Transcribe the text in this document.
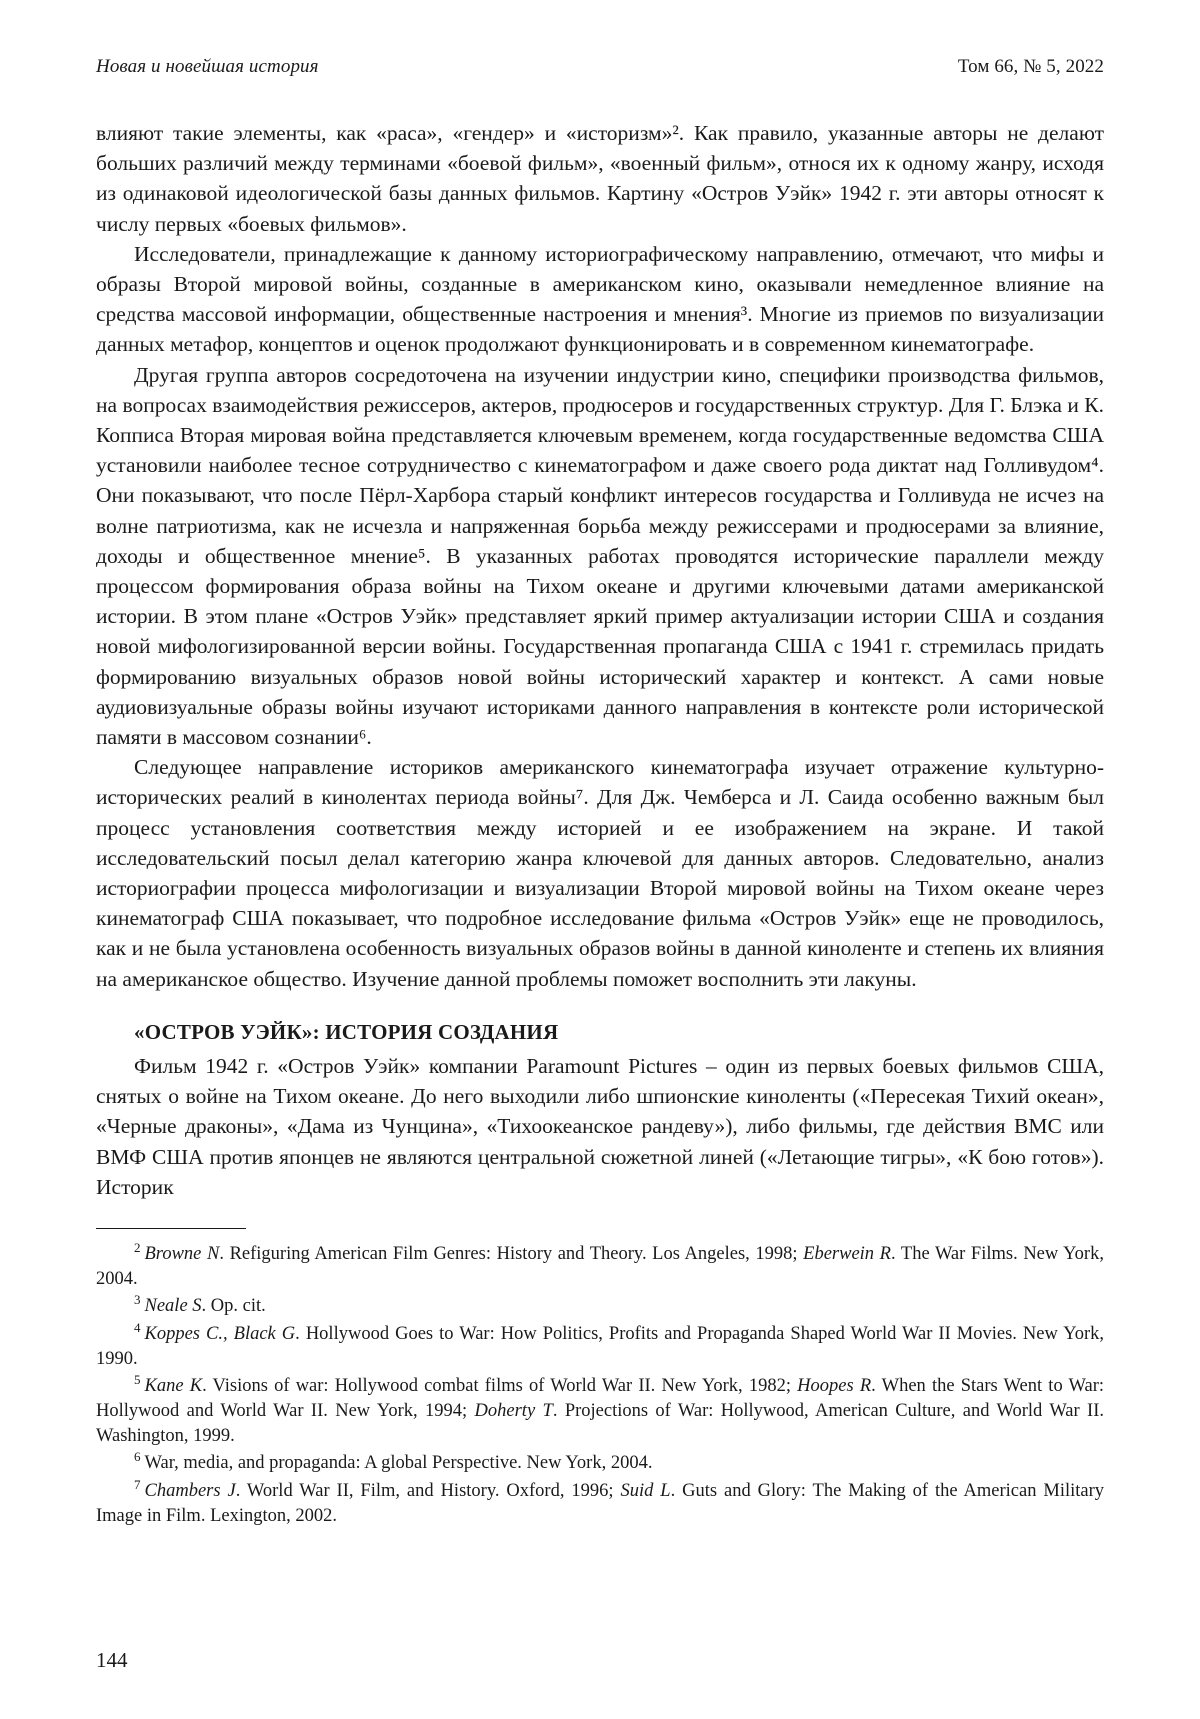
Новая и новейшая история	Том 66, № 5, 2022

влияют такие элементы, как «раса», «гендер» и «историзм»². Как правило, указанные авторы не делают больших различий между терминами «боевой фильм», «военный фильм», относя их к одному жанру, исходя из одинаковой идеологической базы данных фильмов. Картину «Остров Уэйк» 1942 г. эти авторы относят к числу первых «боевых фильмов».

Исследователи, принадлежащие к данному историографическому направлению, отмечают, что мифы и образы Второй мировой войны, созданные в американском кино, оказывали немедленное влияние на средства массовой информации, общественные настроения и мнения³. Многие из приемов по визуализации данных метафор, концептов и оценок продолжают функционировать и в современном кинематографе.

Другая группа авторов сосредоточена на изучении индустрии кино, специфики производства фильмов, на вопросах взаимодействия режиссеров, актеров, продюсеров и государственных структур. Для Г. Блэка и К. Копписа Вторая мировая война представляется ключевым временем, когда государственные ведомства США установили наиболее тесное сотрудничество с кинематографом и даже своего рода диктат над Голливудом⁴. Они показывают, что после Пёрл-Харбора старый конфликт интересов государства и Голливуда не исчез на волне патриотизма, как не исчезла и напряженная борьба между режиссерами и продюсерами за влияние, доходы и общественное мнение⁵. В указанных работах проводятся исторические параллели между процессом формирования образа войны на Тихом океане и другими ключевыми датами американской истории. В этом плане «Остров Уэйк» представляет яркий пример актуализации истории США и создания новой мифологизированной версии войны. Государственная пропаганда США с 1941 г. стремилась придать формированию визуальных образов новой войны исторический характер и контекст. А сами новые аудиовизуальные образы войны изучают историками данного направления в контексте роли исторической памяти в массовом сознании⁶.

Следующее направление историков американского кинематографа изучает отражение культурно-исторических реалий в кинолентах периода войны⁷. Для Дж. Чемберса и Л. Саида особенно важным был процесс установления соответствия между историей и ее изображением на экране. И такой исследовательский посыл делал категорию жанра ключевой для данных авторов. Следовательно, анализ историографии процесса мифологизации и визуализации Второй мировой войны на Тихом океане через кинематограф США показывает, что подробное исследование фильма «Остров Уэйк» еще не проводилось, как и не была установлена особенность визуальных образов войны в данной киноленте и степень их влияния на американское общество. Изучение данной проблемы поможет восполнить эти лакуны.

«ОСТРОВ УЭЙК»: ИСТОРИЯ СОЗДАНИЯ

Фильм 1942 г. «Остров Уэйк» компании Paramount Pictures – один из первых боевых фильмов США, снятых о войне на Тихом океане. До него выходили либо шпионские киноленты («Пересекая Тихий океан», «Черные драконы», «Дама из Чунцина», «Тихоокеанское рандеву»), либо фильмы, где действия ВМС или ВМФ США против японцев не являются центральной сюжетной линей («Летающие тигры», «К бою готов»). Историк

$^2$ Browne N. Refiguring American Film Genres: History and Theory. Los Angeles, 1998; Eberwein R. The War Films. New York, 2004.

$^3$ Neale S. Op. cit.

$^4$ Koppes C., Black G. Hollywood Goes to War: How Politics, Profits and Propaganda Shaped World War II Movies. New York, 1990.

$^5$ Kane K. Visions of war: Hollywood combat films of World War II. New York, 1982; Hoopes R. When the Stars Went to War: Hollywood and World War II. New York, 1994; Doherty T. Projections of War: Hollywood, American Culture, and World War II. Washington, 1999.

$^6$ War, media, and propaganda: A global Perspective. New York, 2004.

$^7$ Chambers J. World War II, Film, and History. Oxford, 1996; Suid L. Guts and Glory: The Making of the American Military Image in Film. Lexington, 2002.

144
